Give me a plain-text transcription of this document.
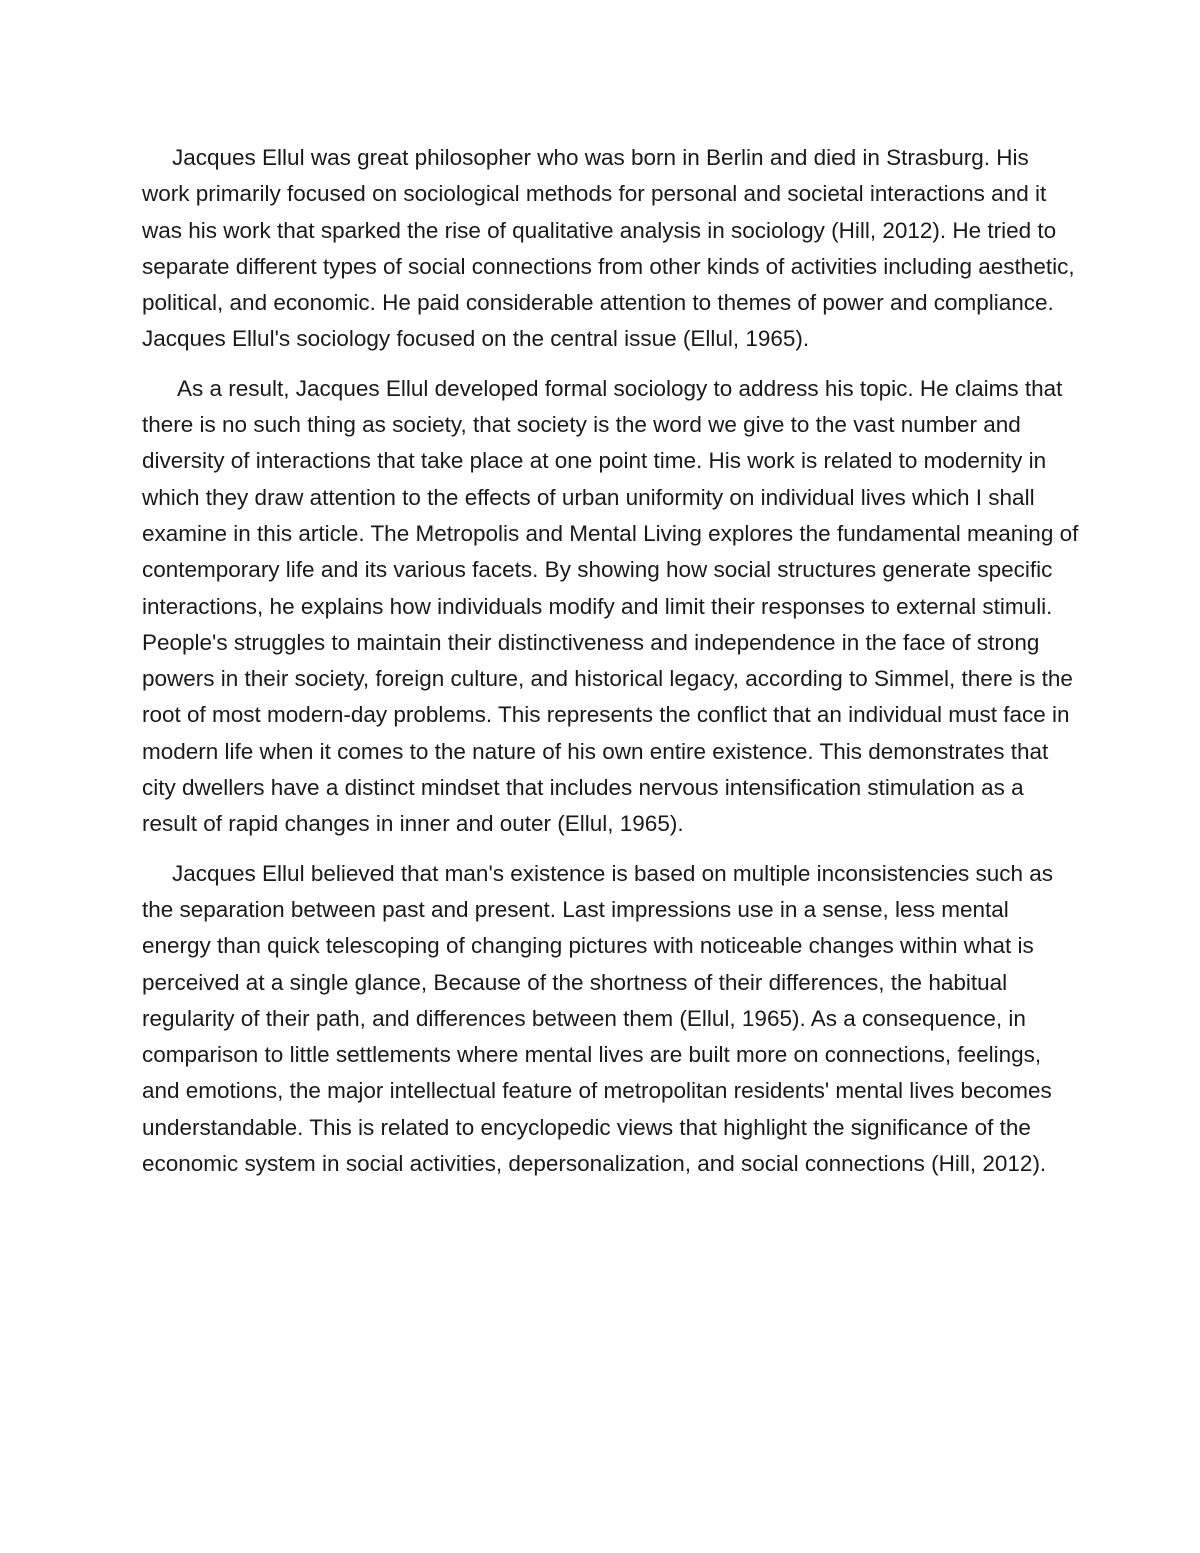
Jacques Ellul was great philosopher who was born in Berlin and died in Strasburg. His work primarily focused on sociological methods for personal and societal interactions and it was his work that sparked the rise of qualitative analysis in sociology (Hill, 2012). He tried to separate different types of social connections from other kinds of activities including aesthetic, political, and economic. He paid considerable attention to themes of power and compliance. Jacques Ellul's sociology focused on the central issue (Ellul, 1965).

As a result, Jacques Ellul developed formal sociology to address his topic. He claims that there is no such thing as society, that society is the word we give to the vast number and diversity of interactions that take place at one point time. His work is related to modernity in which they draw attention to the effects of urban uniformity on individual lives which I shall examine in this article. The Metropolis and Mental Living explores the fundamental meaning of contemporary life and its various facets. By showing how social structures generate specific interactions, he explains how individuals modify and limit their responses to external stimuli. People's struggles to maintain their distinctiveness and independence in the face of strong powers in their society, foreign culture, and historical legacy, according to Simmel, there is the root of most modern-day problems. This represents the conflict that an individual must face in modern life when it comes to the nature of his own entire existence. This demonstrates that city dwellers have a distinct mindset that includes nervous intensification stimulation as a result of rapid changes in inner and outer (Ellul, 1965).

Jacques Ellul believed that man's existence is based on multiple inconsistencies such as the separation between past and present. Last impressions use in a sense, less mental energy than quick telescoping of changing pictures with noticeable changes within what is perceived at a single glance, Because of the shortness of their differences, the habitual regularity of their path, and differences between them (Ellul, 1965). As a consequence, in comparison to little settlements where mental lives are built more on connections, feelings, and emotions, the major intellectual feature of metropolitan residents' mental lives becomes understandable. This is related to encyclopedic views that highlight the significance of the economic system in social activities, depersonalization, and social connections (Hill, 2012).
